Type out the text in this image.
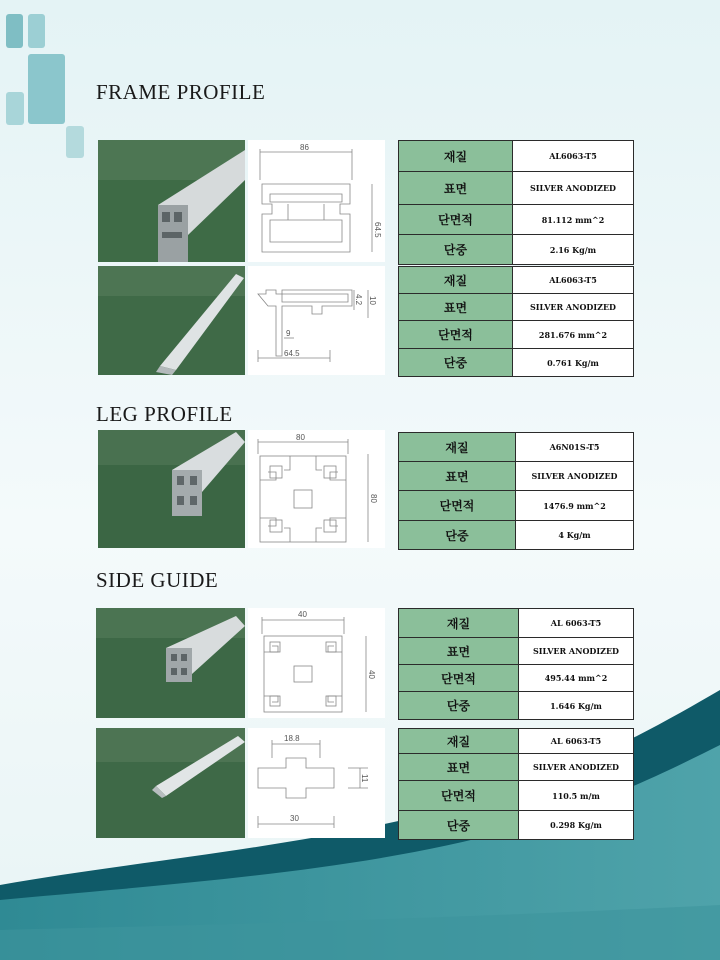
FRAME PROFILE
LEG PROFILE
SIDE GUIDE
86
64.5
재질	AL6063-T5
표면	SILVER ANODIZED
단면적	81.112 mm^2
단중	2.16 Kg/m
64.5
9
4.2 10
재질	AL6063-T5
표면	SILVER ANODIZED
단면적	281.676 mm^2
단중	0.761 Kg/m
80
80
재질	A6N01S-T5
표면	SILVER ANODIZED
단면적	1476.9 mm^2
단중	4 Kg/m
40
40
재질	AL 6063-T5
표면	SILVER ANODIZED
단면적	495.44 mm^2
단중	1.646 Kg/m
18.8
30
11
재질	AL 6063-T5
표면	SILVER ANODIZED
단면적	110.5 m/m
단중	0.298 Kg/m
